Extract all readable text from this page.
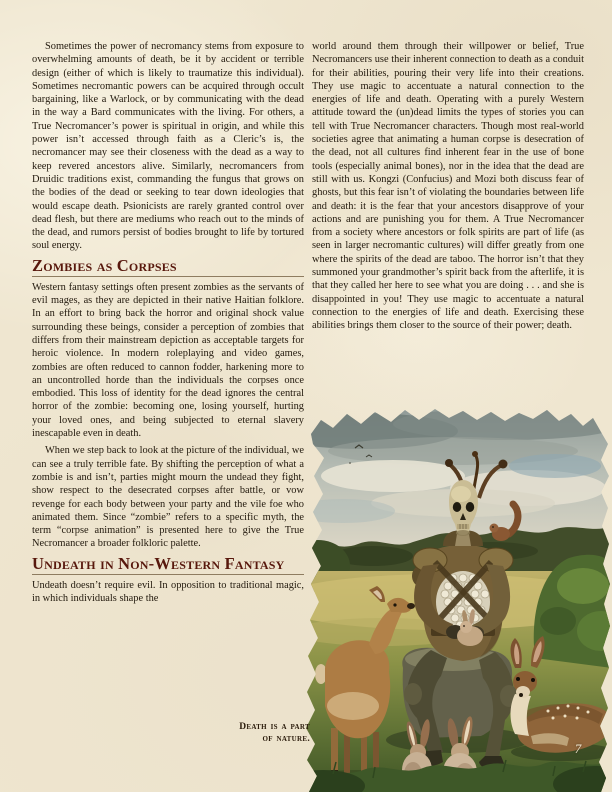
Sometimes the power of necromancy stems from exposure to overwhelming amounts of death, be it by accident or terrible design (either of which is likely to traumatize this individual). Sometimes necromantic powers can be acquired through occult bargaining, like a Warlock, or by communicating with the dead in the way a Bard communicates with the living. For others, a True Necromancer’s power is spiritual in origin, and while this power isn’t accessed through faith as a Cleric’s is, the necromancer may see their closeness with the dead as a way to keep revered ancestors alive. Similarly, necromancers from Druidic traditions exist, commanding the fungus that grows on the bodies of the dead or seeking to tear down ideologies that would escape death. Psionicists are rarely granted control over dead flesh, but there are mediums who reach out to the minds of the dead, and rumors persist of bodies brought to life by tortured soul energy.

Zombies as Corpses

Western fantasy settings often present zombies as the servants of evil mages, as they are depicted in their native Haitian folklore. In an effort to bring back the horror and original shock value surrounding these beings, consider a perception of zombies that differs from their mainstream depiction as acceptable targets for heroic violence. In modern roleplaying and video games, zombies are often reduced to cannon fodder, harkening more to an uncontrolled horde than the individuals the corpses once embodied. This loss of identity for the dead ignores the central horror of the zombie: becoming one, losing yourself, hurting your loved ones, and being subjected to eternal slavery inescapable even in death.

When we step back to look at the picture of the individual, we can see a truly terrible fate. By shifting the perception of what a zombie is and isn’t, parties might mourn the undead they fight, show respect to the desecrated corpses after battle, or vow revenge for each body between your party and the vile foe who animated them. Since “zombie” refers to a specific myth, the term “corpse animation” is presented here to give the True Necromancer a broader folkloric palette.

Undeath in Non-Western Fantasy

Undeath doesn’t require evil. In opposition to traditional magic, in which individuals shape the

world around them through their willpower or belief, True Necromancers use their inherent connection to death as a conduit for their abilities, pouring their very life into their creations. They use magic to accentuate a natural connection to the energies of life and death. Operating with a purely Western attitude toward the (un)dead limits the types of stories you can tell with True Necromancer characters. Though most real-world societies agree that animating a human corpse is desecration of the dead, not all cultures find inherent fear in the use of bone tools (especially animal bones), nor in the idea that the dead are still with us. Kongzi (Confucius) and Mozi both discuss fear of ghosts, but this fear isn’t of violating the boundaries between life and death: it is the fear that your ancestors disapprove of your actions and are punishing you for them. A True Necromancer from a society where ancestors or folk spirits are part of life (as seen in larger necromantic cultures) will differ greatly from one where the spirits of the dead are taboo. The horror isn’t that they summoned your grandmother’s spirit back from the afterlife, it is that they called her here to see what you are doing . . . and she is disappointed in you! They use magic to accentuate a natural connection to the energies of life and death. Exercising these abilities brings them closer to the source of their power; death.

Death is a part
of nature.
7
